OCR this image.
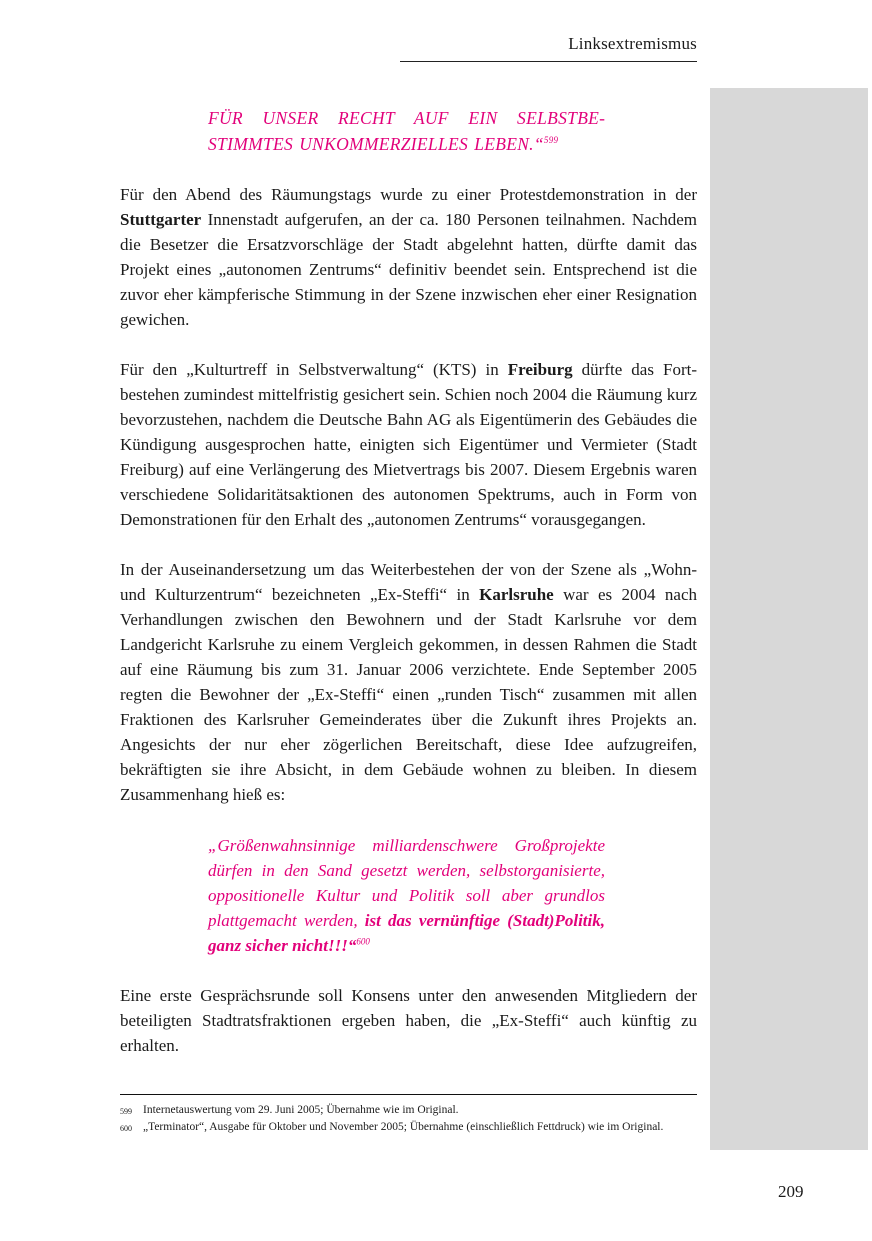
Linksextremismus
FÜR UNSER RECHT AUF EIN SELBSTBESTIMMTES UNKOMMERZIELLES LEBEN.“$^{599}$

Für den Abend des Räumungstags wurde zu einer Protestdemonstration in der Stuttgarter Innenstadt aufgerufen, an der ca. 180 Personen teilnahmen. Nachdem die Besetzer die Ersatzvorschläge der Stadt abgelehnt hatten, dürfte damit das Projekt eines „autonomen Zentrums“ definitiv beendet sein. Entsprechend ist die zuvor eher kämpferische Stimmung in der Szene inzwischen eher einer Resignation gewichen.

Für den „Kulturtreff in Selbstverwaltung“ (KTS) in Freiburg dürfte das Fortbestehen zumindest mittelfristig gesichert sein. Schien noch 2004 die Räumung kurz bevorzustehen, nachdem die Deutsche Bahn AG als Eigentümerin des Gebäudes die Kündigung ausgesprochen hatte, einigten sich Eigentümer und Vermieter (Stadt Freiburg) auf eine Verlängerung des Mietvertrags bis 2007. Diesem Ergebnis waren verschiedene Solidaritätsaktionen des autonomen Spektrums, auch in Form von Demonstrationen für den Erhalt des „autonomen Zentrums“ vorausgegangen.

In der Auseinandersetzung um das Weiterbestehen der von der Szene als „Wohn- und Kulturzentrum“ bezeichneten „Ex-Steffi“ in Karlsruhe war es 2004 nach Verhandlungen zwischen den Bewohnern und der Stadt Karlsruhe vor dem Landgericht Karlsruhe zu einem Vergleich gekommen, in dessen Rahmen die Stadt auf eine Räumung bis zum 31. Januar 2006 verzichtete. Ende September 2005 regten die Bewohner der „Ex-Steffi“ einen „runden Tisch“ zusammen mit allen Fraktionen des Karlsruher Gemeinderates über die Zukunft ihres Projekts an. Angesichts der nur eher zögerlichen Bereitschaft, diese Idee aufzugreifen, bekräftigten sie ihre Absicht, in dem Gebäude wohnen zu bleiben. In diesem Zusammenhang hieß es:

„Größenwahnsinnige milliardenschwere Großprojekte dürfen in den Sand gesetzt werden, selbstorganisierte, oppositionelle Kultur und Politik soll aber grundlos plattgemacht werden, ist das vernünftige (Stadt)Politik, ganz sicher nicht!!!“$^{600}$

Eine erste Gesprächsrunde soll Konsens unter den anwesenden Mitgliedern der beteiligten Stadtratsfraktionen ergeben haben, die „Ex-Steffi“ auch künftig zu erhalten.

599 Internetauswertung vom 29. Juni 2005; Übernahme wie im Original.
600 „Terminator“, Ausgabe für Oktober und November 2005; Übernahme (einschließlich Fettdruck) wie im Original.
209
